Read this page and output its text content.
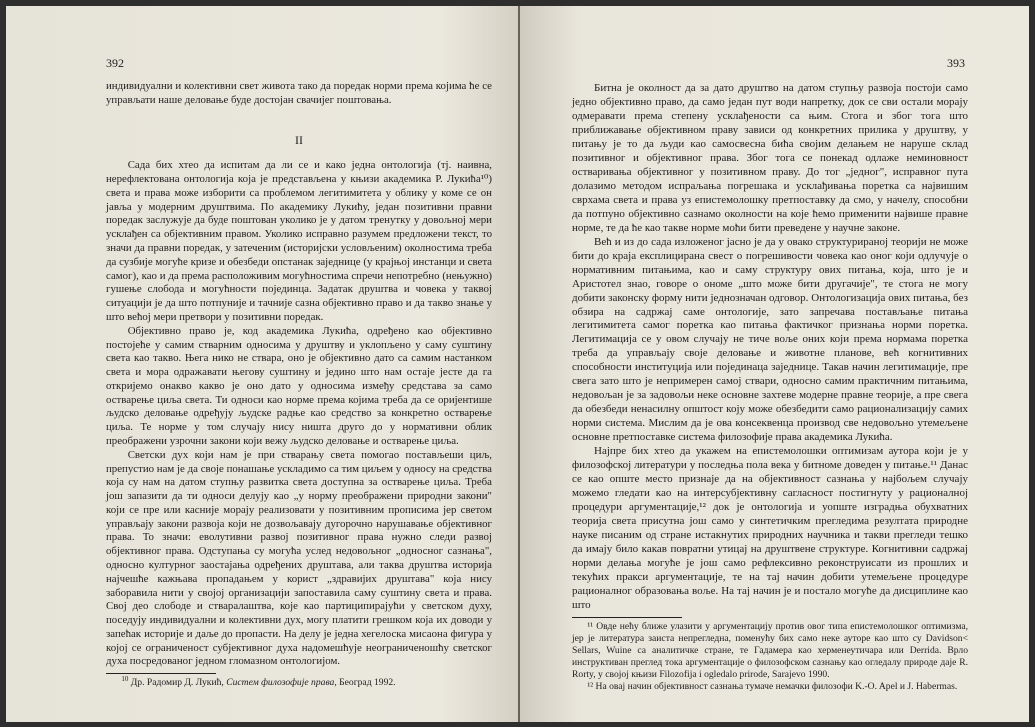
392

индивидуални и колективни свет живота тако да поредак норми према којима ће се управљати наше деловање буде достојан свачијег поштовања.

II

Сада бих хтео да испитам да ли се и како једна онтологија (тј. наивна, нерефлектована онтологија која је представљена у књизи академика Р. Лукића¹⁰) света и права може изборити са проблемом легитимитета у облику у коме се он јавља у модерним друштвима. По академику Лукићу, један позитивни правни поредак заслужује да буде поштован уколико је у датом тренутку у довољној мери усклађен са објективним правом. Уколико исправно разумем предложени текст, то значи да правни поредак, у затеченим (историјски условљеним) околностима треба да сузбије могуће кризе и обезбеди опстанак заједнице (у крајњој инстанци и света самог), као и да према расположивим могућностима спречи непотребно (нењужно) гушење слобода и могућности појединца. Задатак друштва и човека у таквој ситуацији је да што потпуније и тачније сазна објективно право и да такво знање у што већој мери претвори у позитивни поредак.

Објективно право је, код академика Лукића, одређено као објективно постојеће у самим стварним односима у друштву и уклопљено у саму суштину света као такво. Њега нико не ствара, оно је објективно дато са самим настанком света и мора одражавати његову суштину и једино што нам остаје јесте да га откријемо онакво какво је оно дато у односима између средстава за само остварење циља света. Ти односи као норме према којима треба да се оријентише људско делoвање одређују људске радње као средство за конкретно остварење циља. Те норме у том случају нису ништа друго до у нормативни облик преображени узрочни закони који вежу људско деловање и остварење циља.

Светски дух који нам је при стварању света помогао постављеши циљ, препустио нам је да своје понашање ускладимо са тим циљем у односу на средства која су нам на датом ступњу развитка света доступна за остварење циља. Треба још запазити да ти односи делују као „у норму преображени природни закони" који се пре или касније морају реализовати у позитивним прописима јер светом управљају закони развоја који не дозвољавају дугорочно нарушавање објективног права. То значи: еволутивни развој позитивног права нужно следи развој објективног права. Одступања су могућа услед недовољног „односног сазнања", односно културног заостајања одређених друштава, али таква друштва историја најчешће кажњава пропадањем у корист „здравијих друштава" која нису заборавила нити у својој организацији запоставила саму суштину света и права. Свој део слободе и стваралаштва, које као партиципирајући у светском духу, поседују индивидуални и колективни дух, могу платити грешком која их доводи у запећак историје и даље до пропасти. На делу је једна хегелоска мисаона фигура у којој се ограниченост субјективног духа надомешћује неограниченошћу светског духа посредованог једном гломазном онтологијом.

$^{10}$ Др. Радомир Д. Лукић, Систем филозофије права, Београд 1992.

393

Битна је околност да за дато друштво на датом ступњу развоја постоји само једно објективно право, да само један пут води напретку, док се сви остали морају одмеравати према степену усклађености са њим. Стога и због тога што приближавање објективном праву зависи од конкретних прилика у друштву, у питању је то да људи као самосвесна бића својим делањем не наруше склад позитивног и објективног права. Због тога се понекад одлаже неминовност остваривања објективног у позитивном праву. До тог „једног", исправног пута долазимо методом испраљања погрешака и усклађивања поретка са највишим сврхама света и права уз епистемолошку претпоставку да смо, у начелу, способни да потпуно објективно сазнамо околности на које ћемо применити највише правне норме, те да ће као такве норме моћи бити преведене у научне законе.

Већ и из до сада изложеног јасно је да у овако структурираној теорији не може бити до краја експлицирана свест о погрешивости човека као оног који одлучује о нормативним питањима, као и саму структуру ових питања, која, што је и Аристотел знао, говоре о ономе „што може бити другачије", те стога не могу добити законску форму нити једнозначан одговор. Онтологизација ових питања, без обзира на садржај саме онтологије, зато запречава постављање питања легитимитета самог поретка као питања фактичког признања норми поретка. Легитимација се у овом случају не тиче воље оних који према нормама поретка треба да управљају своје деловање и животне планове, већ когнитивних способности институција или појединаца заједнице. Такав начин легитимације, пре свега зато што је непримерен самој ствари, односно самим практичним питањима, недовољан је за задовољи неке основне захтеве модерне правне теорије, а пре свега да обезбеди ненасилну општост коју може обезбедити само рационализацију самих норми система. Мислим да је ова консеквенца производ све недовољно утемељене основне претпоставке система филозофије права академика Лукића.

Најпре бих хтео да укажем на епистемолошки оптимизам аутора који је у филозофској литератури у последња пола века у битноме доведен у питање.¹¹ Данас се као опште место признаје да на објективност сазнања у најбољем случају можемо гледати као на интерсубјективну сагласност постигнуту у рационалној процедури аргументације,¹² док је онтологија и уопште изградња обухватних теорија света присутна још само у синтетичким прегледима резултата природне науке писаним од стране истакнутих природних научника и такви прегледи тешко да имају било какав повратни утицај на друштвене структуре. Когнитивни садржај норми делања могуће је још само рефлексивно реконструисати из прошлих и текућих пракси аргументације, те на тај начин добити утемељене процедуре рационалног образовања воље. На тај начин је и постало могуће да дисциплине као што

¹¹ Овде нећу ближе улазити у аргументацију против овог типа епистемолошког оптимизма, јер је литература заиста непрегледна, поменућу бих само неке ауторе као што су Davidson< Sellars, Wuine са аналитичке стране, те Гадамера као херменеутичара или Derrida. Врло инструктиван преглед тока аргументације о филозофском сазнању као огледалу природе даје R. Rorty, у својој књизи Filozofija i ogledalo prirode, Sarajevo 1990.

¹² На овај начин објективност сазнања тумаче немачки филозофи K.-O. Apel и J. Habermas.
